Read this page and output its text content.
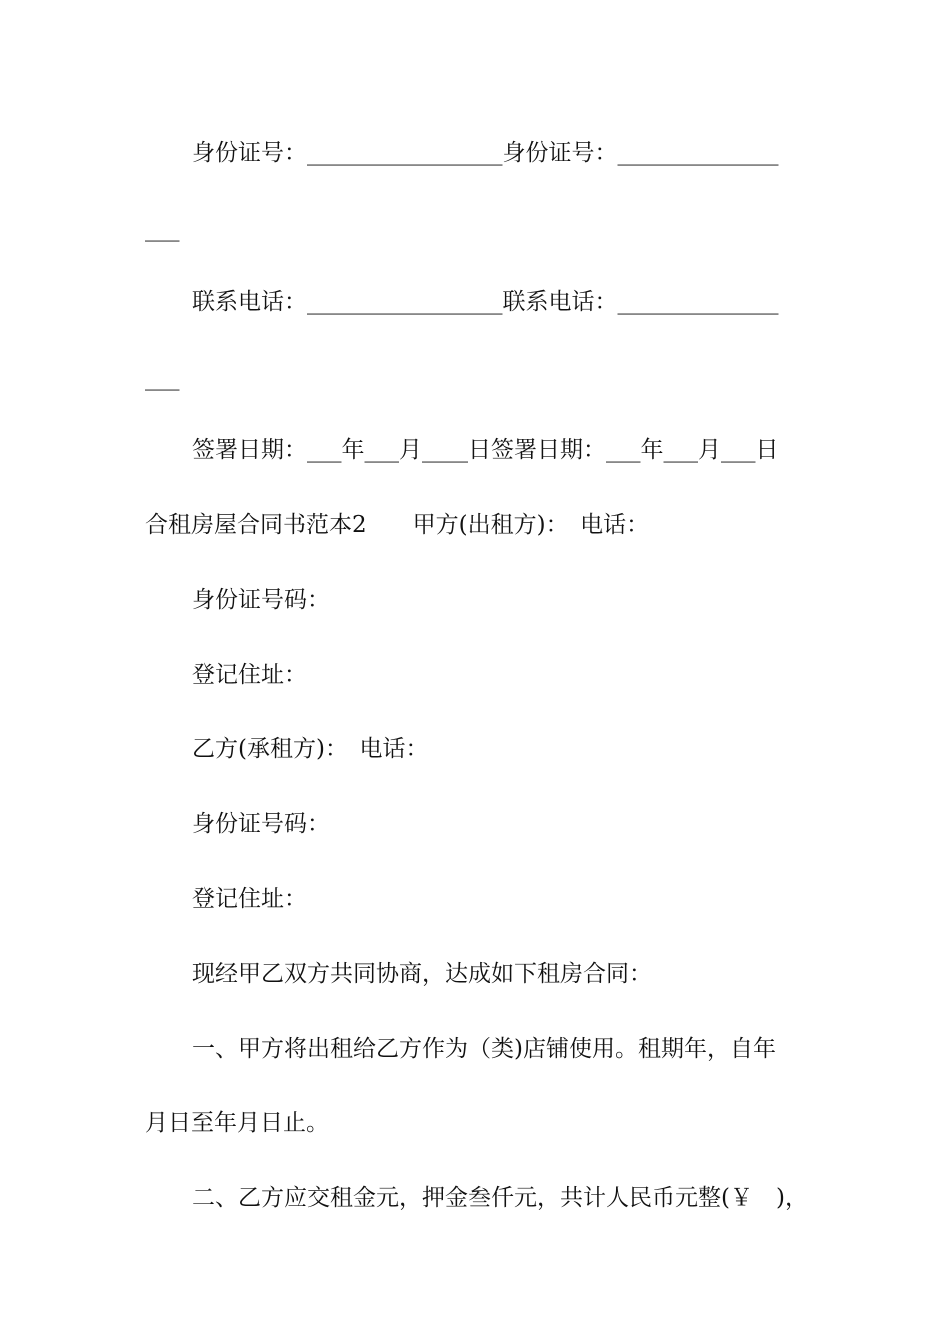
身份证号：_________________身份证号：______________
___
联系电话：_________________联系电话：______________
___
签署日期：___年___月____日签署日期：___年___月___日
合租房屋合同书范本2　　甲方(出租方)：　电话：
身份证号码：
登记住址：
乙方(承租方)：　电话：
身份证号码：
登记住址：
现经甲乙双方共同协商，达成如下租房合同：
一、甲方将出租给乙方作为（类)店铺使用。租期年，自年
月日至年月日止。
二、乙方应交租金元，押金叁仟元，共计人民币元整(￥　)，
